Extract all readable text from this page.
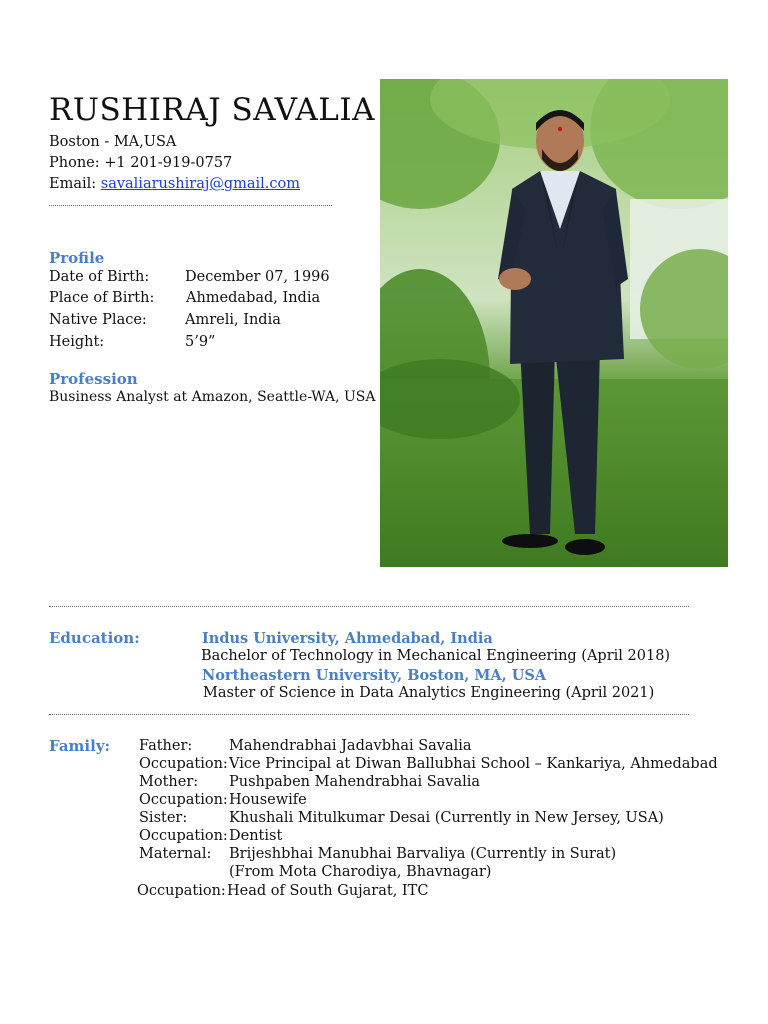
RUSHIRAJ SAVALIA
Boston - MA,USA
Phone: +1 201-919-0757
Email: savaliarushiraj@gmail.com
Profile
Date of Birth: December 07, 1996
Place of Birth: Ahmedabad, India
Native Place:	Amreli, India
Height:	5’9”
Profession
Business Analyst at Amazon, Seattle-WA, USA
Education:	Indus University, Ahmedabad, India
Bachelor of Technology in Mechanical Engineering (April 2018)
Northeastern University, Boston, MA, USA
Master of Science in Data Analytics Engineering (April 2021)
Family: Father:	Mahendrabhai Jadavbhai Savalia
Occupation:Vice Principal at Diwan Ballubhai School – Kankariya, Ahmedabad
Mother: Pushpaben Mahendrabhai Savalia
Occupation:Housewife
Sister:	Khushali Mitulkumar Desai (Currently in New Jersey, USA)
Occupation:Dentist
Maternal: Brijeshbhai Manubhai Barvaliya (Currently in Surat)
(From Mota Charodiya, Bhavnagar)
Occupation:Head of South Gujarat, ITC
